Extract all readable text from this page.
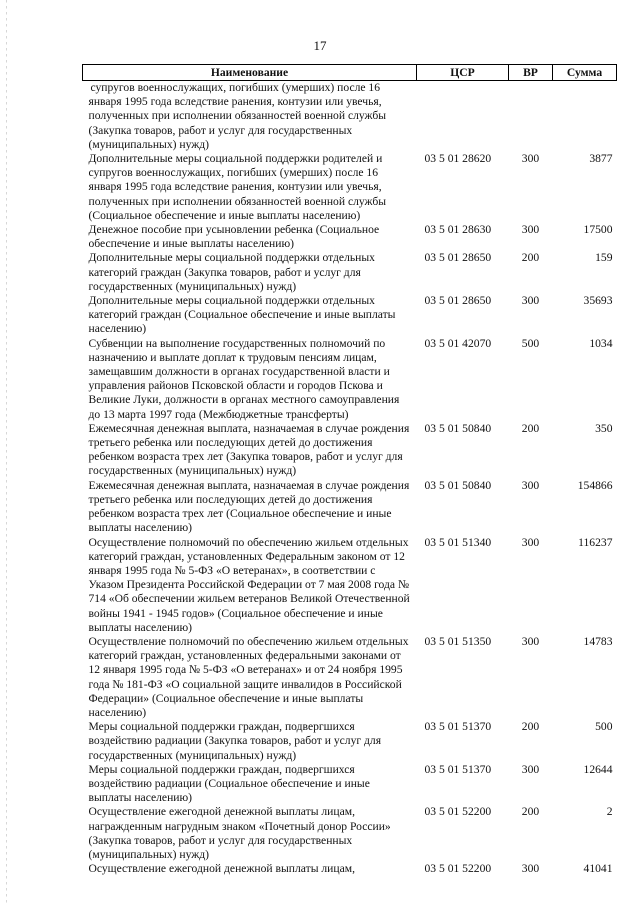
17
Наименование	ЦСР	ВР	Сумма
супругов военнослужащих, погибших (умерших) после 16 января 1995 года вследствие ранения, контузии или увечья, полученных при исполнении обязанностей военной службы (Закупка товаров, работ и услуг для государственных (муниципальных) нужд)			
Дополнительные меры социальной поддержки родителей и супругов военнослужащих, погибших (умерших) после 16 января 1995 года вследствие ранения, контузии или увечья, полученных при исполнении обязанностей военной службы (Социальное обеспечение и иные выплаты населению)	03 5 01 28620	300	3877
Денежное пособие при усыновлении ребенка (Социальное обеспечение и иные выплаты населению)	03 5 01 28630	300	17500
Дополнительные меры социальной поддержки отдельных категорий граждан (Закупка товаров, работ и услуг для государственных (муниципальных) нужд)	03 5 01 28650	200	159
Дополнительные меры социальной поддержки отдельных категорий граждан (Социальное обеспечение и иные выплаты населению)	03 5 01 28650	300	35693
Субвенции на выполнение государственных полномочий по назначению и выплате доплат к трудовым пенсиям лицам, замещавшим должности в органах государственной власти и управления районов Псковской области и городов Пскова и Великие Луки, должности в органах местного самоуправления до 13 марта 1997 года (Межбюджетные трансферты)	03 5 01 42070	500	1034
Ежемесячная денежная выплата, назначаемая в случае рождения третьего ребенка или последующих детей до достижения ребенком возраста трех лет (Закупка товаров, работ и услуг для государственных (муниципальных) нужд)	03 5 01 50840	200	350
Ежемесячная денежная выплата, назначаемая в случае рождения третьего ребенка или последующих детей до достижения ребенком возраста трех лет (Социальное обеспечение и иные выплаты населению)	03 5 01 50840	300	154866
Осуществление полномочий по обеспечению жильем отдельных категорий граждан, установленных Федеральным законом от 12 января 1995 года № 5-ФЗ «О ветеранах», в соответствии с Указом Президента Российской Федерации от 7 мая 2008 года № 714 «Об обеспечении жильем ветеранов Великой Отечественной войны 1941 - 1945 годов» (Социальное обеспечение и иные выплаты населению)	03 5 01 51340	300	116237
Осуществление полномочий по обеспечению жильем отдельных категорий граждан, установленных федеральными законами от 12 января 1995 года № 5-ФЗ «О ветеранах» и от 24 ноября 1995 года № 181-ФЗ «О социальной защите инвалидов в Российской Федерации» (Социальное обеспечение и иные выплаты населению)	03 5 01 51350	300	14783
Меры социальной поддержки граждан, подвергшихся воздействию радиации (Закупка товаров, работ и услуг для государственных (муниципальных) нужд)	03 5 01 51370	200	500
Меры социальной поддержки граждан, подвергшихся воздействию радиации (Социальное обеспечение и иные выплаты населению)	03 5 01 51370	300	12644
Осуществление ежегодной денежной выплаты лицам, награжденным нагрудным знаком «Почетный донор России» (Закупка товаров, работ и услуг для государственных (муниципальных) нужд)	03 5 01 52200	200	2
Осуществление ежегодной денежной выплаты лицам,	03 5 01 52200	300	41041
